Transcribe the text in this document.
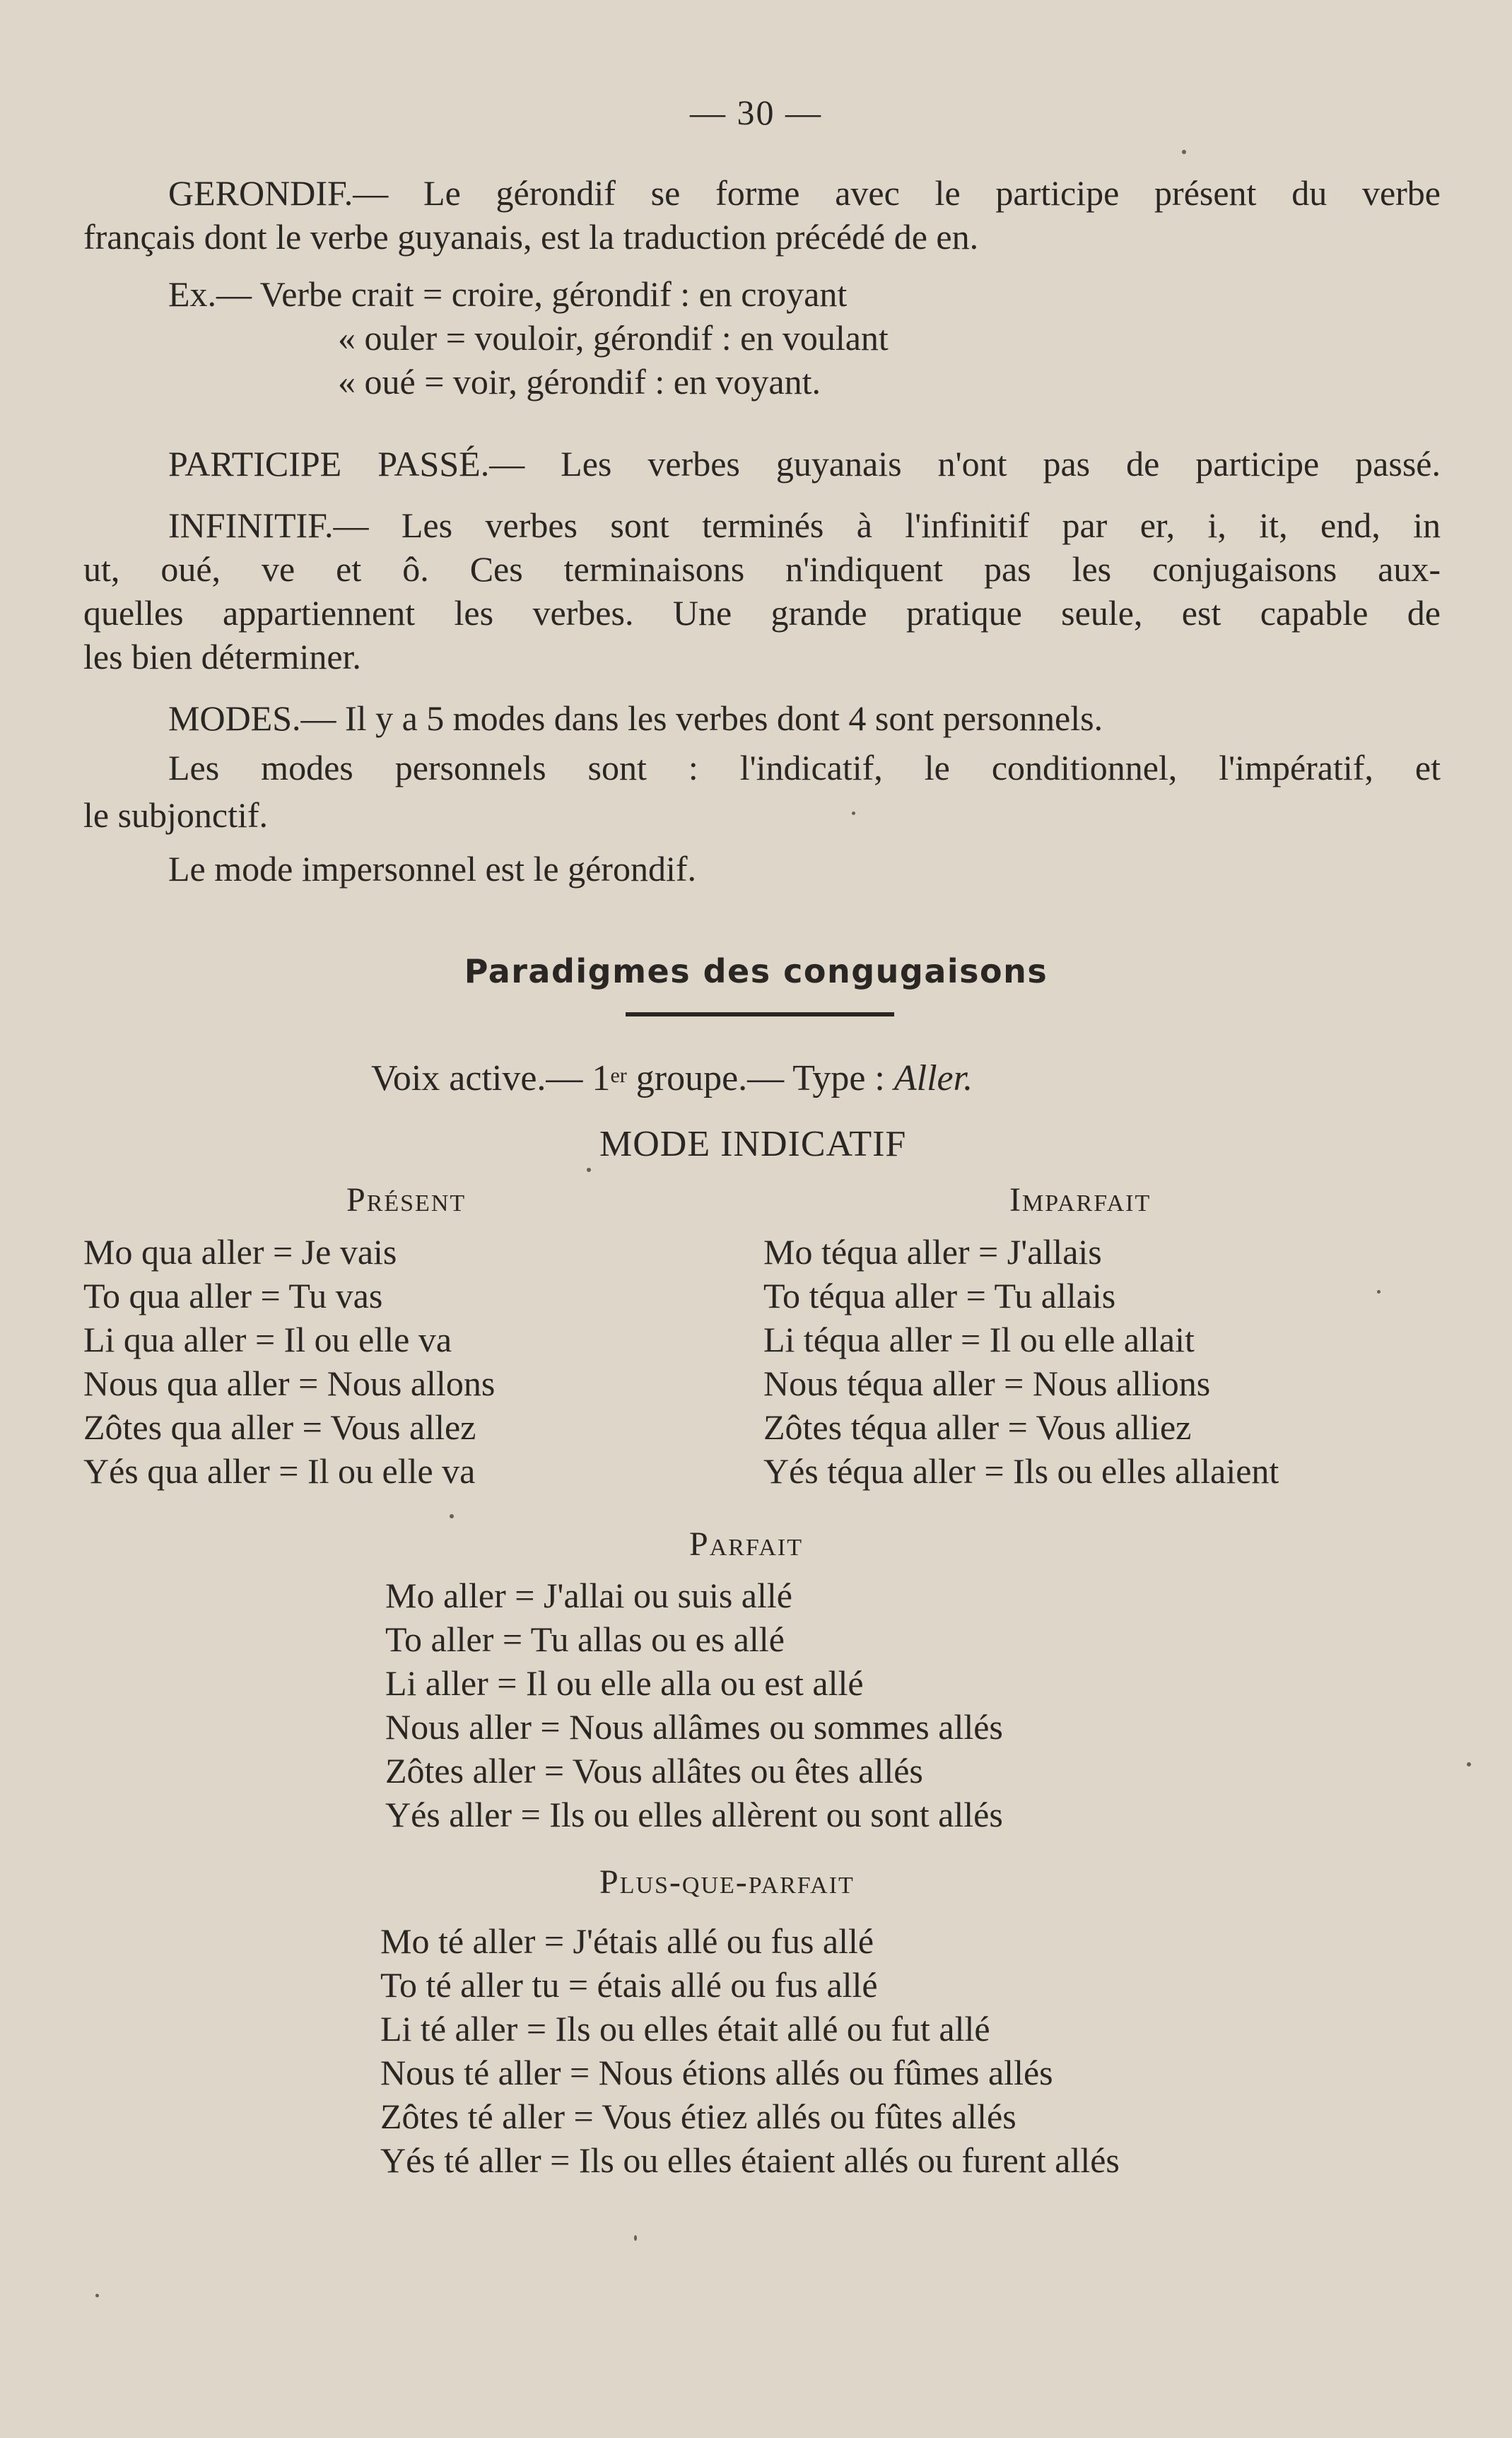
— 30 —
GERONDIF.— Le gérondif se forme avec le participe présent du verbe
français dont le verbe guyanais, est la traduction précédé de en.
Ex.— Verbe crait = croire, gérondif : en croyant
« ouler = vouloir, gérondif : en voulant
« oué = voir, gérondif : en voyant.
PARTICIPE PASSÉ.— Les verbes guyanais n'ont pas de participe passé.
INFINITIF.— Les verbes sont terminés à l'infinitif par er, i, it, end, in
ut, oué, ve et ô. Ces terminaisons n'indiquent pas les conjugaisons aux-
quelles appartiennent les verbes. Une grande pratique seule, est capable de
les bien déterminer.
MODES.— Il y a 5 modes dans les verbes dont 4 sont personnels.
Les modes personnels sont : l'indicatif, le conditionnel, l'impératif, et
le subjonctif.
Le mode impersonnel est le gérondif.
Paradigmes des congugaisons
Voix active.— 1er groupe.— Type : Aller.
MODE INDICATIF
Présent
Mo qua aller = Je vais
To qua aller = Tu vas
Li qua aller = Il ou elle va
Nous qua aller = Nous allons
Zôtes qua aller = Vous allez
Yés qua aller = Il ou elle va
Imparfait
Mo téqua aller = J'allais
To téqua aller = Tu allais
Li téqua aller = Il ou elle allait
Nous téqua aller = Nous allions
Zôtes téqua aller = Vous alliez
Yés téqua aller = Ils ou elles allaient
Parfait
Mo aller = J'allai ou suis allé
To aller = Tu allas ou es allé
Li aller = Il ou elle alla ou est allé
Nous aller = Nous allâmes ou sommes allés
Zôtes aller = Vous allâtes ou êtes allés
Yés aller = Ils ou elles allèrent ou sont allés
Plus-que-parfait
Mo té aller = J'étais allé ou fus allé
To té aller tu = étais allé ou fus allé
Li té aller = Ils ou elles était allé ou fut allé
Nous té aller = Nous étions allés ou fûmes allés
Zôtes té aller = Vous étiez allés ou fûtes allés
Yés té aller = Ils ou elles étaient allés ou furent allés
